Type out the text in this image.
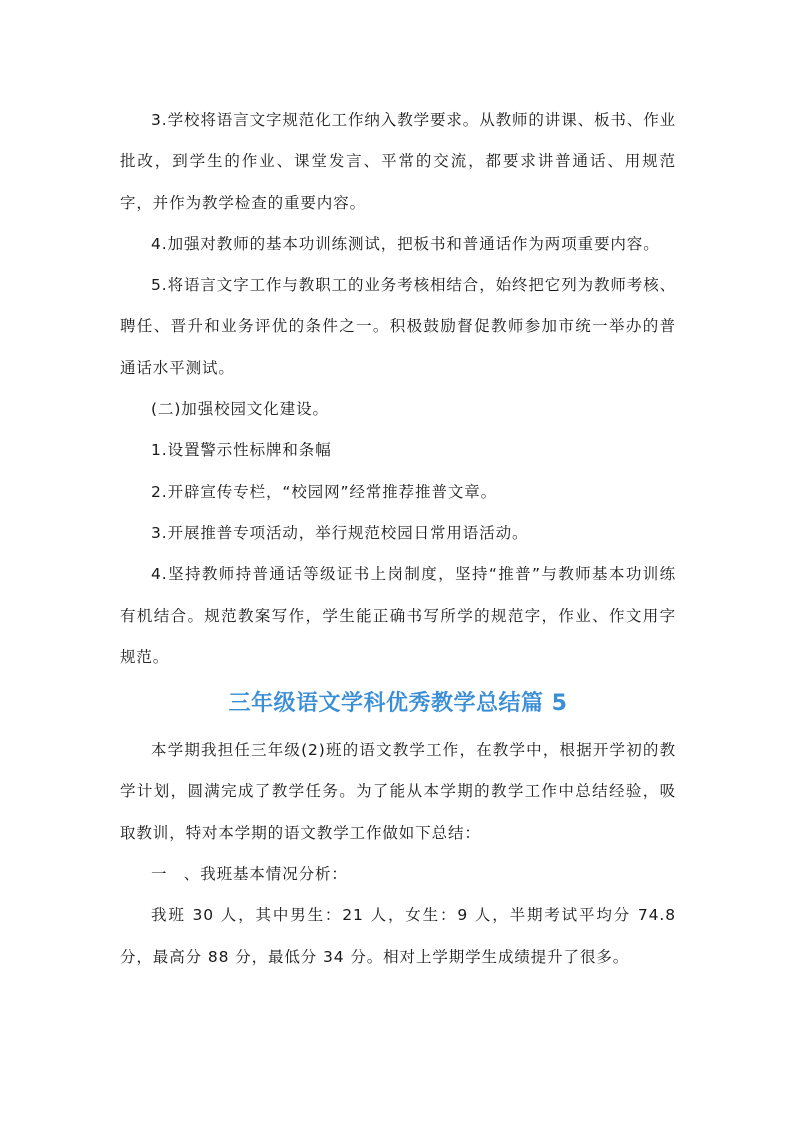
3.学校将语言文字规范化工作纳入教学要求。从教师的讲课、板书、作业批改，到学生的作业、课堂发言、平常的交流，都要求讲普通话、用规范字，并作为教学检查的重要内容。

4.加强对教师的基本功训练测试，把板书和普通话作为两项重要内容。

5.将语言文字工作与教职工的业务考核相结合，始终把它列为教师考核、聘任、晋升和业务评优的条件之一。积极鼓励督促教师参加市统一举办的普通话水平测试。

(二)加强校园文化建设。

1.设置警示性标牌和条幅

2.开辟宣传专栏，“校园网”经常推荐推普文章。

3.开展推普专项活动，举行规范校园日常用语活动。

4.坚持教师持普通话等级证书上岗制度，坚持“推普”与教师基本功训练有机结合。规范教案写作，学生能正确书写所学的规范字，作业、作文用字规范。

三年级语文学科优秀教学总结篇 5

本学期我担任三年级(2)班的语文教学工作，在教学中，根据开学初的教学计划，圆满完成了教学任务。为了能从本学期的教学工作中总结经验，吸取教训，特对本学期的语文教学工作做如下总结：

一　、我班基本情况分析：

我班 30 人，其中男生：21 人，女生：9 人，半期考试平均分 74.8 分，最高分 88 分，最低分 34 分。相对上学期学生成绩提升了很多。
